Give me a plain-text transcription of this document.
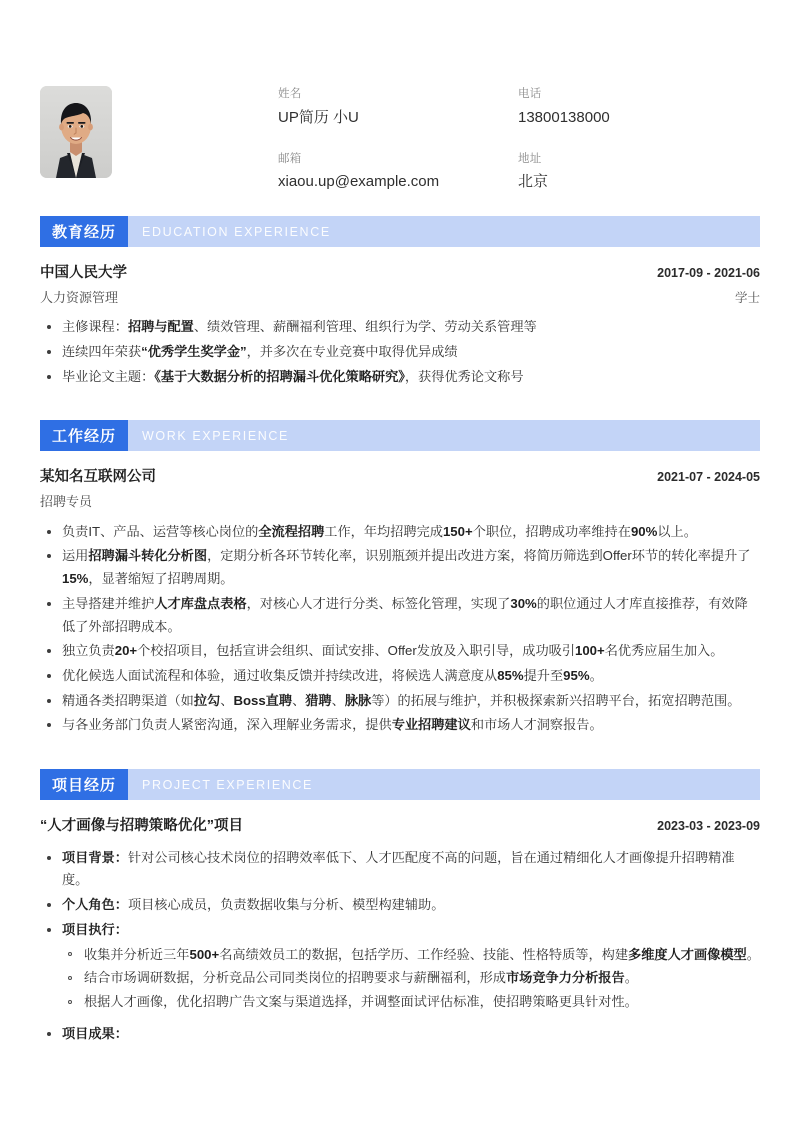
姓名
UP简历 小U
电话
13800138000
邮箱
xiaou.up@example.com
地址
北京
教育经历	EDUCATION EXPERIENCE
中国人民大学	2017-09 - 2021-06
人力资源管理	学士
主修课程：招聘与配置、绩效管理、薪酬福利管理、组织行为学、劳动关系管理等
连续四年荣获“优秀学生奖学金”，并多次在专业竞赛中取得优异成绩
毕业论文主题：《基于大数据分析的招聘漏斗优化策略研究》，获得优秀论文称号
工作经历	WORK EXPERIENCE
某知名互联网公司	2021-07 - 2024-05
招聘专员
负责IT、产品、运营等核心岗位的全流程招聘工作，年均招聘完成150+个职位，招聘成功率维持在90%以上。
运用招聘漏斗转化分析图，定期分析各环节转化率，识别瓶颈并提出改进方案，将简历筛选到Offer环节的转化率提升了15%，显著缩短了招聘周期。
主导搭建并维护人才库盘点表格，对核心人才进行分类、标签化管理，实现了30%的职位通过人才库直接推荐，有效降低了外部招聘成本。
独立负责20+个校招项目，包括宣讲会组织、面试安排、Offer发放及入职引导，成功吸引100+名优秀应届生加入。
优化候选人面试流程和体验，通过收集反馈并持续改进，将候选人满意度从85%提升至95%。
精通各类招聘渠道（如拉勾、Boss直聘、猎聘、脉脉等）的拓展与维护，并积极探索新兴招聘平台，拓宽招聘范围。
与各业务部门负责人紧密沟通，深入理解业务需求，提供专业招聘建议和市场人才洞察报告。
项目经历	PROJECT EXPERIENCE
“人才画像与招聘策略优化”项目	2023-03 - 2023-09
项目背景：针对公司核心技术岗位的招聘效率低下、人才匹配度不高的问题，旨在通过精细化人才画像提升招聘精准度。
个人角色：项目核心成员，负责数据收集与分析、模型构建辅助。
项目执行：
收集并分析近三年500+名高绩效员工的数据，包括学历、工作经验、技能、性格特质等，构建多维度人才画像模型。
结合市场调研数据，分析竞品公司同类岗位的招聘要求与薪酬福利，形成市场竞争力分析报告。
根据人才画像，优化招聘广告文案与渠道选择，并调整面试评估标准，使招聘策略更具针对性。
项目成果：
